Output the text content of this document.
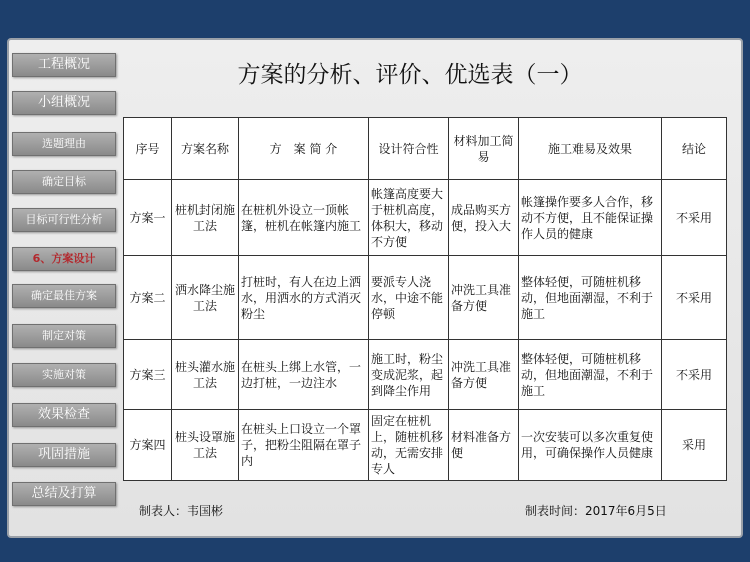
工程概况
小组概况
选题理由
确定目标
目标可行性分析
6、方案设计
确定最佳方案
制定对策
实施对策
效果检查
巩固措施
总结及打算
方案的分析、评价、优选表（一）
序号	方案名称	方　案 简 介	设计符合性	材料加工简易	施工难易及效果	结论
方案一	桩机封闭施工法	在桩机外设立一顶帐篷，桩机在帐篷内施工	帐篷高度要大于桩机高度，体积大，移动不方便	成品购买方便，投入大	帐篷操作要多人合作，移动不方便，且不能保证操作人员的健康	不采用
方案二	洒水降尘施工法	打桩时，有人在边上洒水，用洒水的方式消灭粉尘	要派专人浇水，中途不能停顿	冲洗工具准备方便	整体轻便，可随桩机移动，但地面潮湿，不利于施工	不采用
方案三	桩头灌水施工法	在桩头上绑上水管，一边打桩，一边注水	施工时，粉尘变成泥浆，起到降尘作用	冲洗工具准备方便	整体轻便，可随桩机移动，但地面潮湿，不利于施工	不采用
方案四	桩头设罩施工法	在桩头上口设立一个罩子，把粉尘阻隔在罩子内	固定在桩机上，随桩机移动，无需安排专人	材料准备方便	一次安装可以多次重复使用，可确保操作人员健康	采用
制表人：韦国彬	制表时间：2017年6月5日
